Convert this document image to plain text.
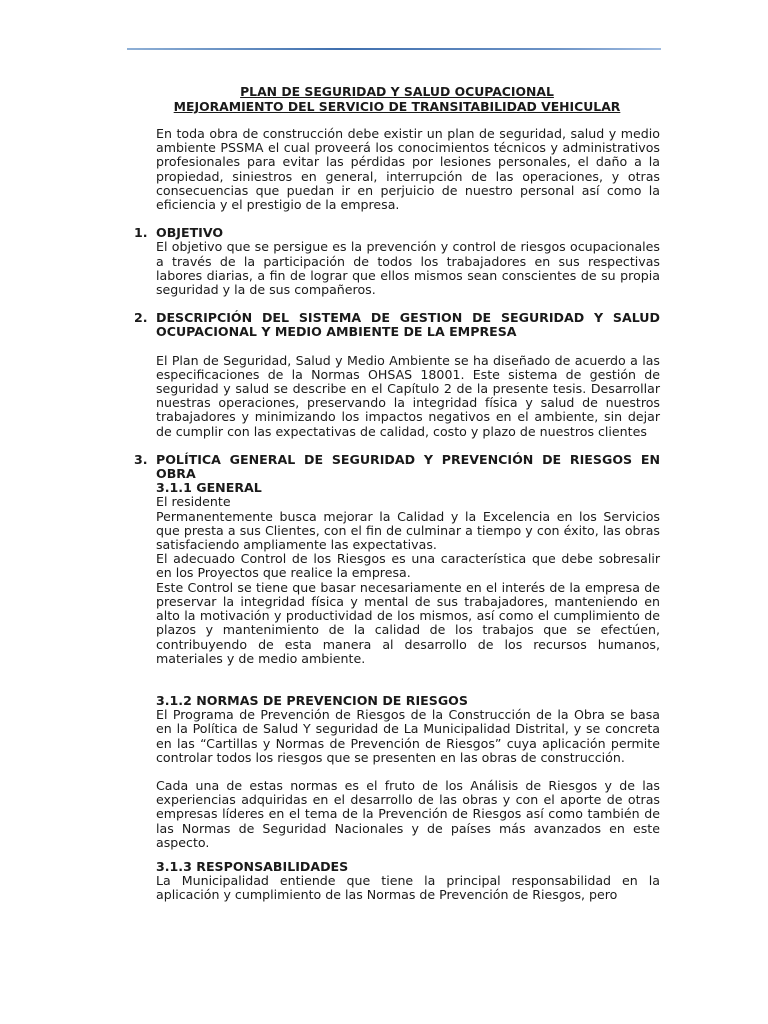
PLAN DE SEGURIDAD Y SALUD OCUPACIONAL
MEJORAMIENTO DEL SERVICIO DE TRANSITABILIDAD VEHICULAR

En toda obra de construcción debe existir un plan de seguridad, salud y medio ambiente PSSMA el cual proveerá los conocimientos técnicos y administrativos profesionales para evitar las pérdidas por lesiones personales, el daño a la propiedad, siniestros en general, interrupción de las operaciones, y otras consecuencias que puedan ir en perjuicio de nuestro personal así como la eficiencia y el prestigio de la empresa.

1. OBJETIVO

El objetivo que se persigue es la prevención y control de riesgos ocupacionales a través de la participación de todos los trabajadores en sus respectivas labores diarias, a fin de lograr que ellos mismos sean conscientes de su propia seguridad y la de sus compañeros.

2. DESCRIPCIÓN DEL SISTEMA DE GESTION DE SEGURIDAD Y SALUD OCUPACIONAL Y MEDIO AMBIENTE DE LA EMPRESA

El Plan de Seguridad, Salud y Medio Ambiente se ha diseñado de acuerdo a las especificaciones de la Normas OHSAS 18001. Este sistema de gestión de seguridad y salud se describe en el Capítulo 2 de la presente tesis. Desarrollar nuestras operaciones, preservando la integridad física y salud de nuestros trabajadores y minimizando los impactos negativos en el ambiente, sin dejar de cumplir con las expectativas de calidad, costo y plazo de nuestros clientes

3. POLÍTICA GENERAL DE SEGURIDAD Y PREVENCIÓN DE RIESGOS EN OBRA
3.1.1 GENERAL

El residente

Permanentemente busca mejorar la Calidad y la Excelencia en los Servicios que presta a sus Clientes, con el fin de culminar a tiempo y con éxito, las obras satisfaciendo ampliamente las expectativas.

El adecuado Control de los Riesgos es una característica que debe sobresalir en los Proyectos que realice la empresa.

Este Control se tiene que basar necesariamente en el interés de la empresa de preservar la integridad física y mental de sus trabajadores, manteniendo en alto la motivación y productividad de los mismos, así como el cumplimiento de plazos y mantenimiento de la calidad de los trabajos que se efectúen, contribuyendo de esta manera al desarrollo de los recursos humanos, materiales y de medio ambiente.

3.1.2 NORMAS DE PREVENCION DE RIESGOS

El Programa de Prevención de Riesgos de la Construcción de la Obra se basa en la Política de Salud Y seguridad de La Municipalidad Distrital, y se concreta en las “Cartillas y Normas de Prevención de Riesgos” cuya aplicación permite controlar todos los riesgos que se presenten en las obras de construcción.

Cada una de estas normas es el fruto de los Análisis de Riesgos y de las experiencias adquiridas en el desarrollo de las obras y con el aporte de otras empresas líderes en el tema de la Prevención de Riesgos así como también de las Normas de Seguridad Nacionales y de países más avanzados en este aspecto.

3.1.3 RESPONSABILIDADES

La Municipalidad entiende que tiene la principal responsabilidad en la aplicación y cumplimiento de las Normas de Prevención de Riesgos, pero
